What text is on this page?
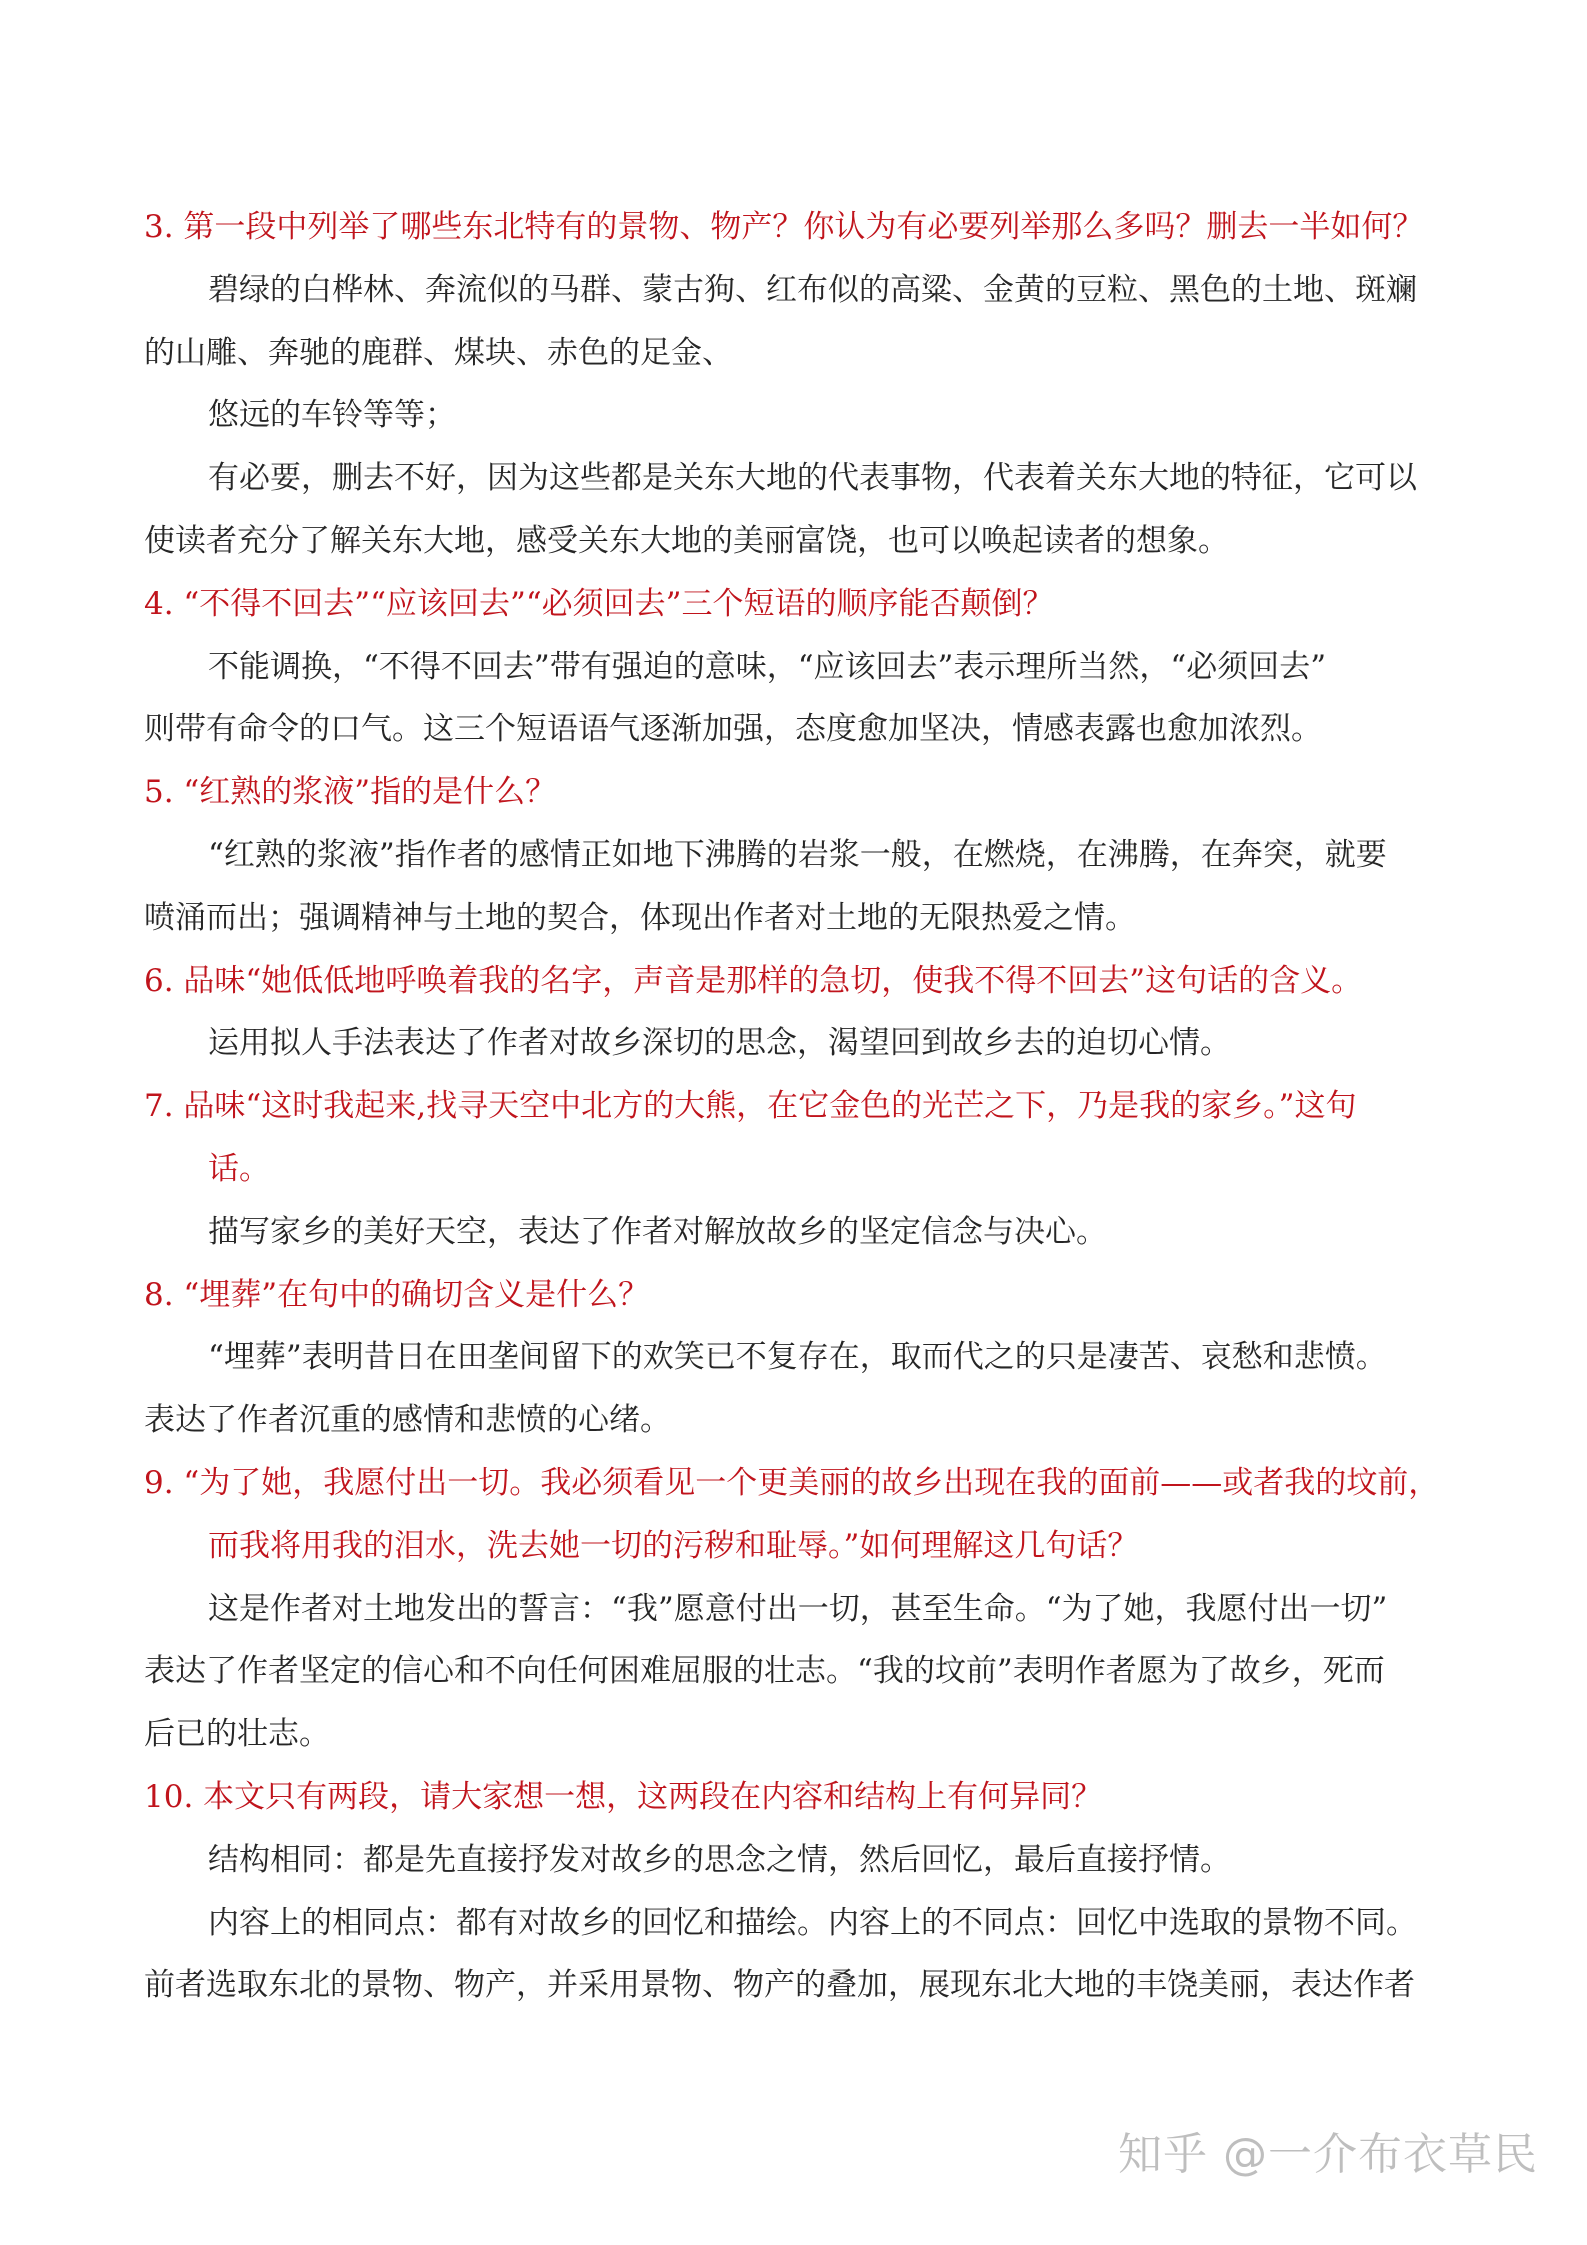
3. 第一段中列举了哪些东北特有的景物、物产？你认为有必要列举那么多吗？删去一半如何？
碧绿的白桦林、奔流似的马群、蒙古狗、红布似的高粱、金黄的豆粒、黑色的土地、斑斓
的山雕、奔驰的鹿群、煤块、赤色的足金、
悠远的车铃等等；
有必要，删去不好，因为这些都是关东大地的代表事物，代表着关东大地的特征，它可以
使读者充分了解关东大地，感受关东大地的美丽富饶，也可以唤起读者的想象。
4. “不得不回去”“应该回去”“必须回去”三个短语的顺序能否颠倒？
不能调换，“不得不回去”带有强迫的意味，“应该回去”表示理所当然，“必须回去”
则带有命令的口气。这三个短语语气逐渐加强，态度愈加坚决，情感表露也愈加浓烈。
5. “红熟的浆液”指的是什么？
“红熟的浆液”指作者的感情正如地下沸腾的岩浆一般，在燃烧，在沸腾，在奔突，就要
喷涌而出；强调精神与土地的契合，体现出作者对土地的无限热爱之情。
6. 品味“她低低地呼唤着我的名字，声音是那样的急切，使我不得不回去”这句话的含义。
运用拟人手法表达了作者对故乡深切的思念，渴望回到故乡去的迫切心情。
7. 品味“这时我起来,找寻天空中北方的大熊，在它金色的光芒之下，乃是我的家乡。”这句
话。
描写家乡的美好天空，表达了作者对解放故乡的坚定信念与决心。
8. “埋葬”在句中的确切含义是什么？
“埋葬”表明昔日在田垄间留下的欢笑已不复存在，取而代之的只是凄苦、哀愁和悲愤。
表达了作者沉重的感情和悲愤的心绪。
9. “为了她，我愿付出一切。我必须看见一个更美丽的故乡出现在我的面前——或者我的坟前，
而我将用我的泪水，洗去她一切的污秽和耻辱。”如何理解这几句话？
这是作者对土地发出的誓言：“我”愿意付出一切，甚至生命。“为了她，我愿付出一切”
表达了作者坚定的信心和不向任何困难屈服的壮志。“我的坟前”表明作者愿为了故乡，死而
后已的壮志。
10. 本文只有两段，请大家想一想，这两段在内容和结构上有何异同？
结构相同：都是先直接抒发对故乡的思念之情，然后回忆，最后直接抒情。
内容上的相同点：都有对故乡的回忆和描绘。内容上的不同点：回忆中选取的景物不同。
前者选取东北的景物、物产，并采用景物、物产的叠加，展现东北大地的丰饶美丽，表达作者
知乎 @一介布衣草民
